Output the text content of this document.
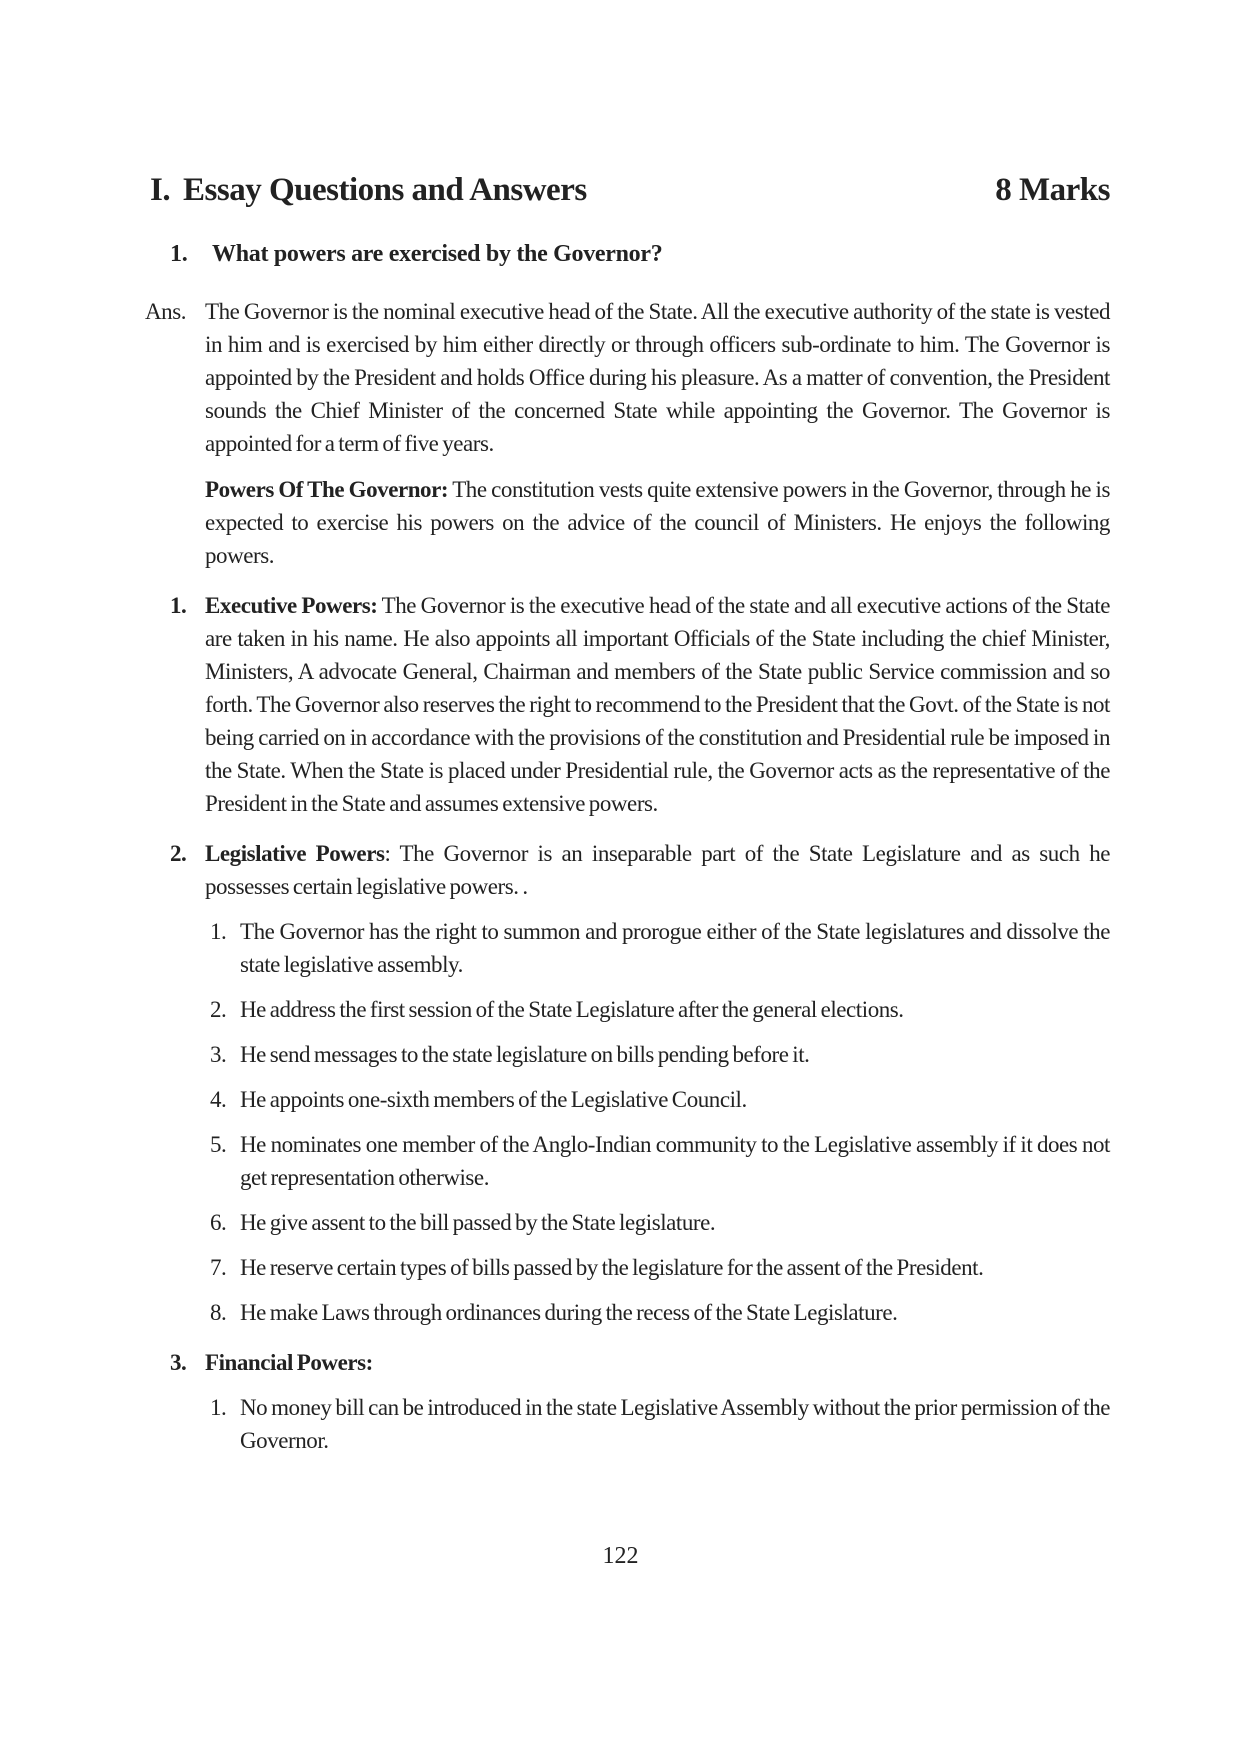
I. Essay Questions and Answers	8 Marks
1.	What powers are exercised by the Governor?
Ans. The Governor is the nominal executive head of the State. All the executive authority of the state is vested in him and is exercised by him either directly or through officers sub-ordinate to him. The Governor is appointed by the President and holds Office during his pleasure. As a matter of convention, the President sounds the Chief Minister of the concerned State while appointing the Governor. The Governor is appointed for a term of five years.

Powers Of The Governor: The constitution vests quite extensive powers in the Governor, through he is expected to exercise his powers on the advice of the council of Ministers. He enjoys the following powers.

1. Executive Powers: The Governor is the executive head of the state and all executive actions of the State are taken in his name. He also appoints all important Officials of the State including the chief Minister, Ministers, A advocate General, Chairman and members of the State public Service commission and so forth. The Governor also reserves the right to recommend to the President that the Govt. of the State is not being carried on in accordance with the provisions of the constitution and Presidential rule be imposed in the State. When the State is placed under Presidential rule, the Governor acts as the representative of the President in the State and assumes extensive powers.

2. Legislative Powers: The Governor is an inseparable part of the State Legislature and as such he possesses certain legislative powers. .

1. The Governor has the right to summon and prorogue either of the State legislatures and dissolve the state legislative assembly.

2. He address the first session of the State Legislature after the general elections.

3. He send messages to the state legislature on bills pending before it.

4. He appoints one-sixth members of the Legislative Council.

5. He nominates one member of the Anglo-Indian community to the Legislative assembly if it does not get representation otherwise.

6. He give assent to the bill passed by the State legislature.

7. He reserve certain types of bills passed by the legislature for the assent of the President.

8. He make Laws through ordinances during the recess of the State Legislature.

3. Financial Powers:

1. No money bill can be introduced in the state Legislative Assembly without the prior permission of the Governor.

122
